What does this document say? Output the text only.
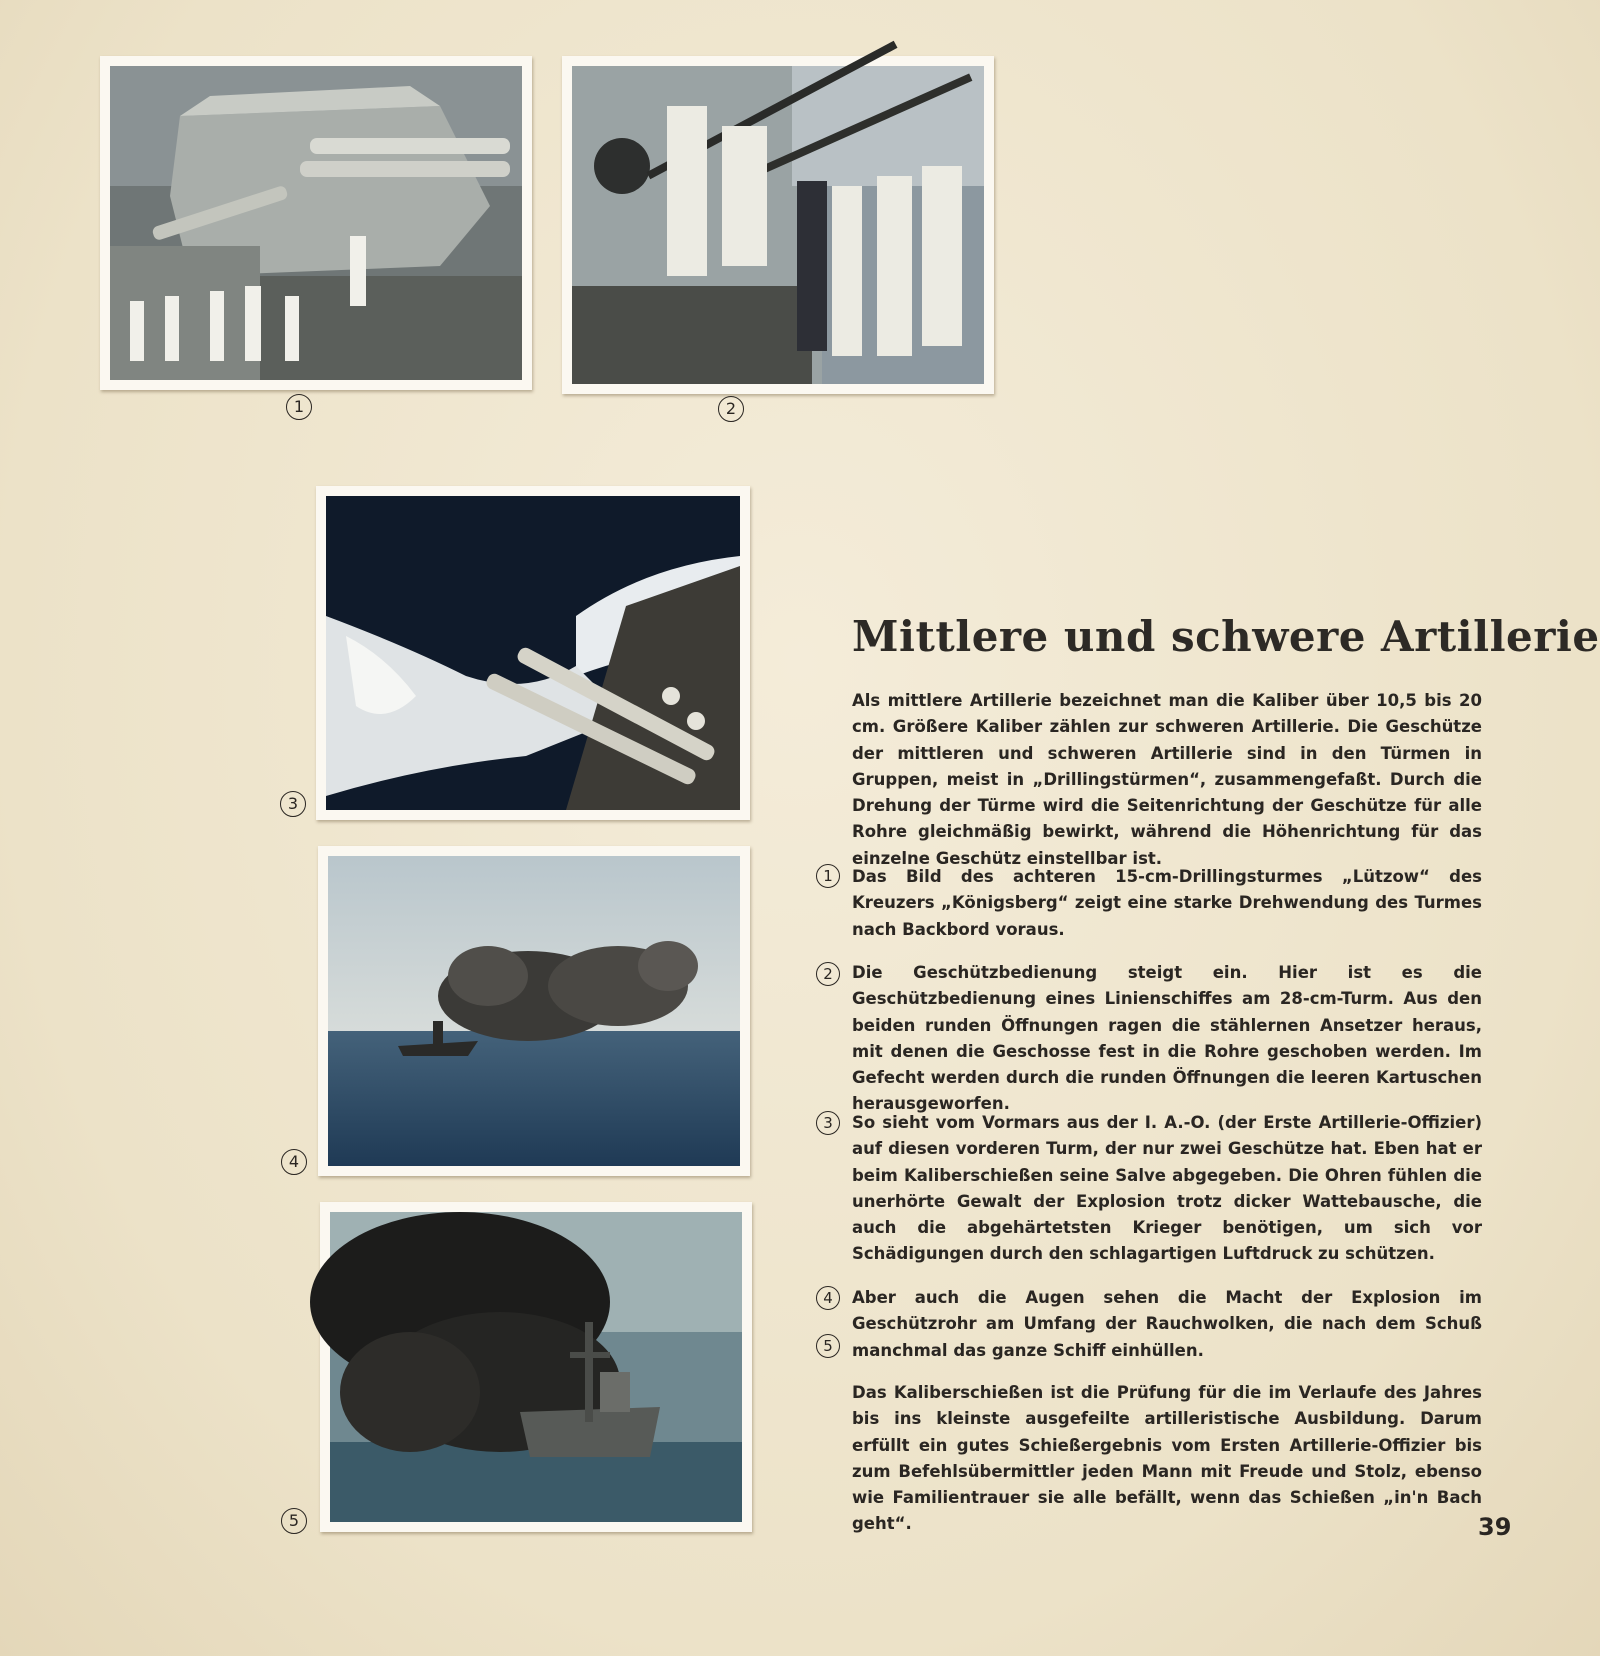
1	2
3
4
5
Mittlere und schwere Artillerie
Als mittlere Artillerie bezeichnet man die Kaliber über 10,5 bis 20 cm. Größere Kaliber zählen zur schweren Artillerie. Die Geschütze der mittleren und schweren Artillerie sind in den Türmen in Gruppen, meist in „Drillingstürmen“, zusammengefaßt. Durch die Drehung der Türme wird die Seitenrichtung der Geschütze für alle Rohre gleichmäßig bewirkt, während die Höhenrichtung für das einzelne Geschütz einstellbar ist.
1	Das Bild des achteren 15-cm-Drillingsturmes „Lützow“ des Kreuzers „Königsberg“ zeigt eine starke Drehwendung des Turmes nach Backbord voraus.
2	Die Geschützbedienung steigt ein. Hier ist es die Geschützbedienung eines Linienschiffes am 28-cm-Turm. Aus den beiden runden Öffnungen ragen die stählernen Ansetzer heraus, mit denen die Geschosse fest in die Rohre geschoben werden. Im Gefecht werden durch die runden Öffnungen die leeren Kartuschen herausgeworfen.
3	So sieht vom Vormars aus der I. A.-O. (der Erste Artillerie-Offizier) auf diesen vorderen Turm, der nur zwei Geschütze hat. Eben hat er beim Kaliberschießen seine Salve abgegeben. Die Ohren fühlen die unerhörte Gewalt der Explosion trotz dicker Wattebausche, die auch die abgehärtetsten Krieger benötigen, um sich vor Schädigungen durch den schlagartigen Luftdruck zu schützen.
4
5
Aber auch die Augen sehen die Macht der Explosion im Geschützrohr am Umfang der Rauchwolken, die nach dem Schuß manchmal das ganze Schiff einhüllen.
Das Kaliberschießen ist die Prüfung für die im Verlaufe des Jahres bis ins kleinste ausgefeilte artilleristische Ausbildung. Darum erfüllt ein gutes Schießergebnis vom Ersten Artillerie-Offizier bis zum Befehlsübermittler jeden Mann mit Freude und Stolz, ebenso wie Familientrauer sie alle befällt, wenn das Schießen „in'n Bach geht“.	39
